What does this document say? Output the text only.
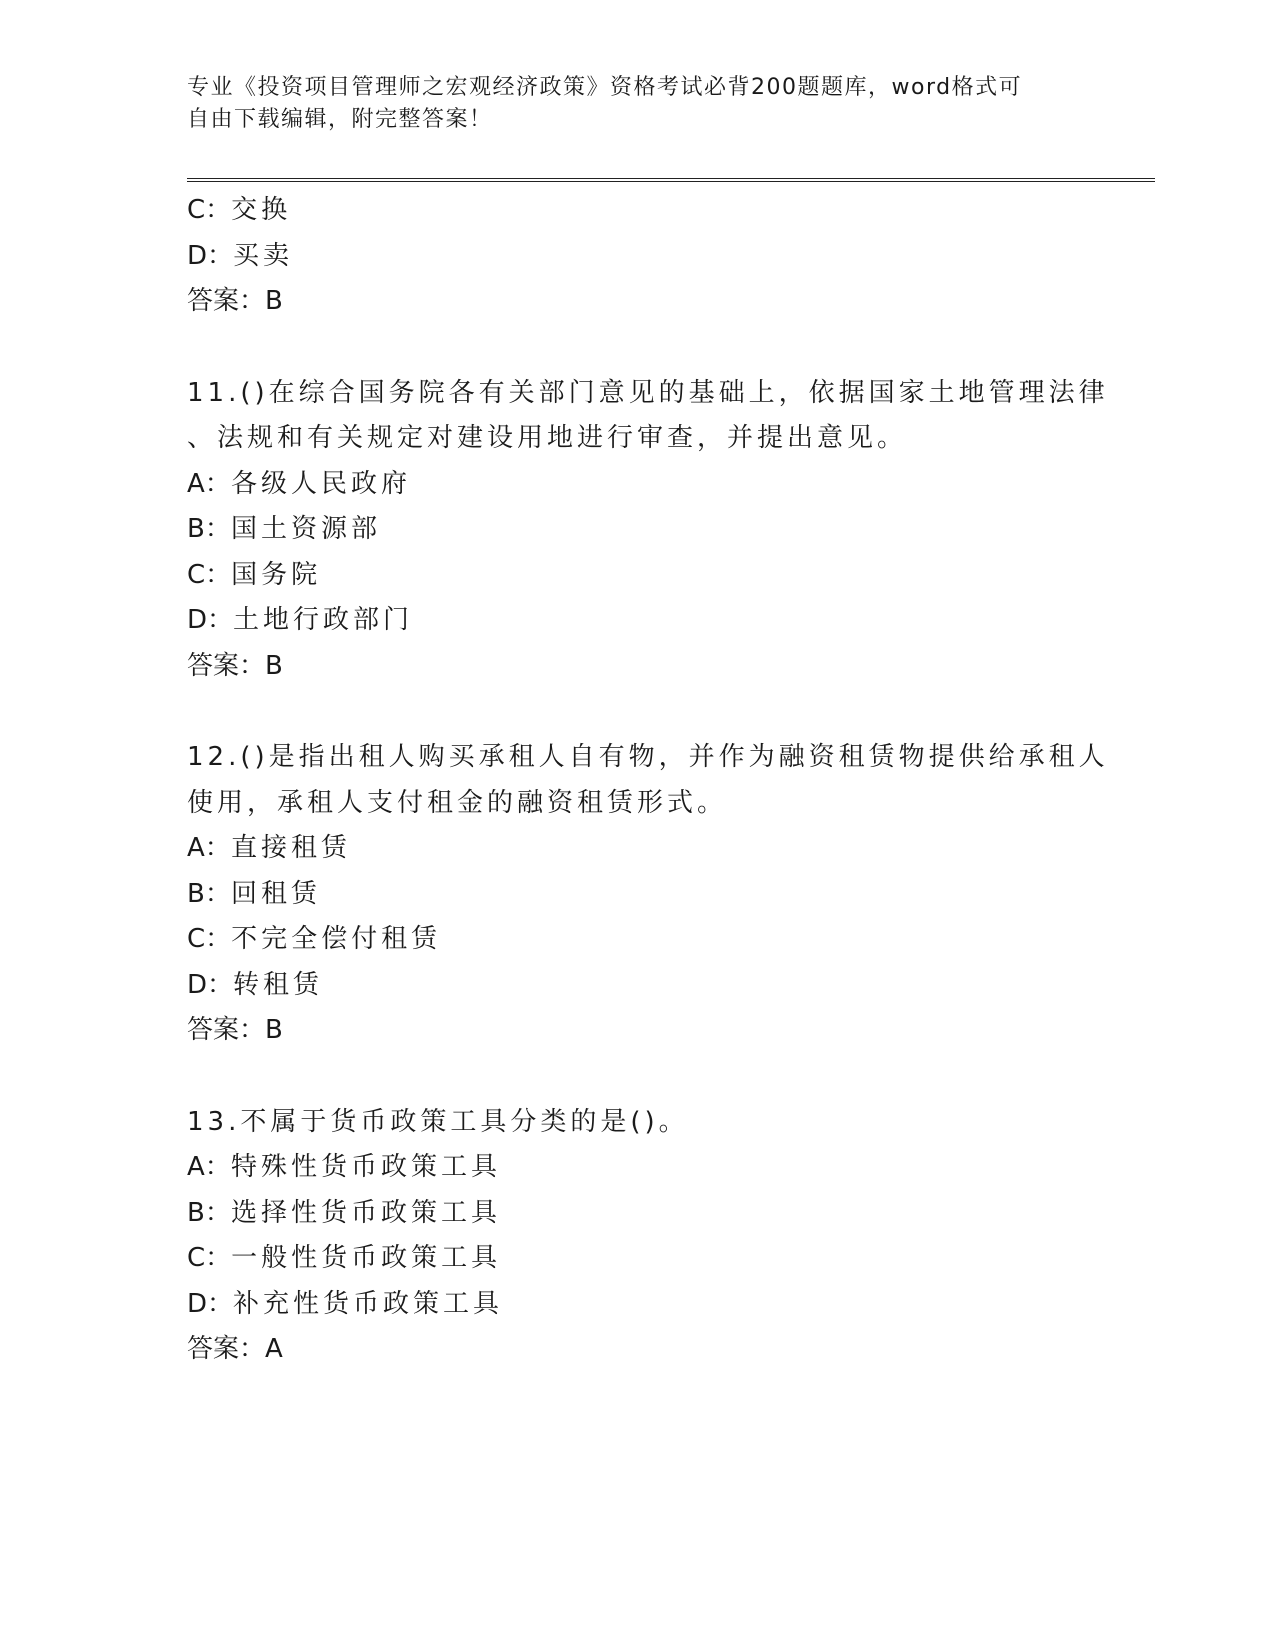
专业《投资项目管理师之宏观经济政策》资格考试必背200题题库，word格式可
自由下载编辑，附完整答案！
C：交换
D：买卖
答案：B
11.()在综合国务院各有关部门意见的基础上，依据国家土地管理法律
、法规和有关规定对建设用地进行审查，并提出意见。
A：各级人民政府
B：国土资源部
C：国务院
D：土地行政部门
答案：B
12.()是指出租人购买承租人自有物，并作为融资租赁物提供给承租人
使用，承租人支付租金的融资租赁形式。
A：直接租赁
B：回租赁
C：不完全偿付租赁
D：转租赁
答案：B
13.不属于货币政策工具分类的是()。
A：特殊性货币政策工具
B：选择性货币政策工具
C：一般性货币政策工具
D：补充性货币政策工具
答案：A
